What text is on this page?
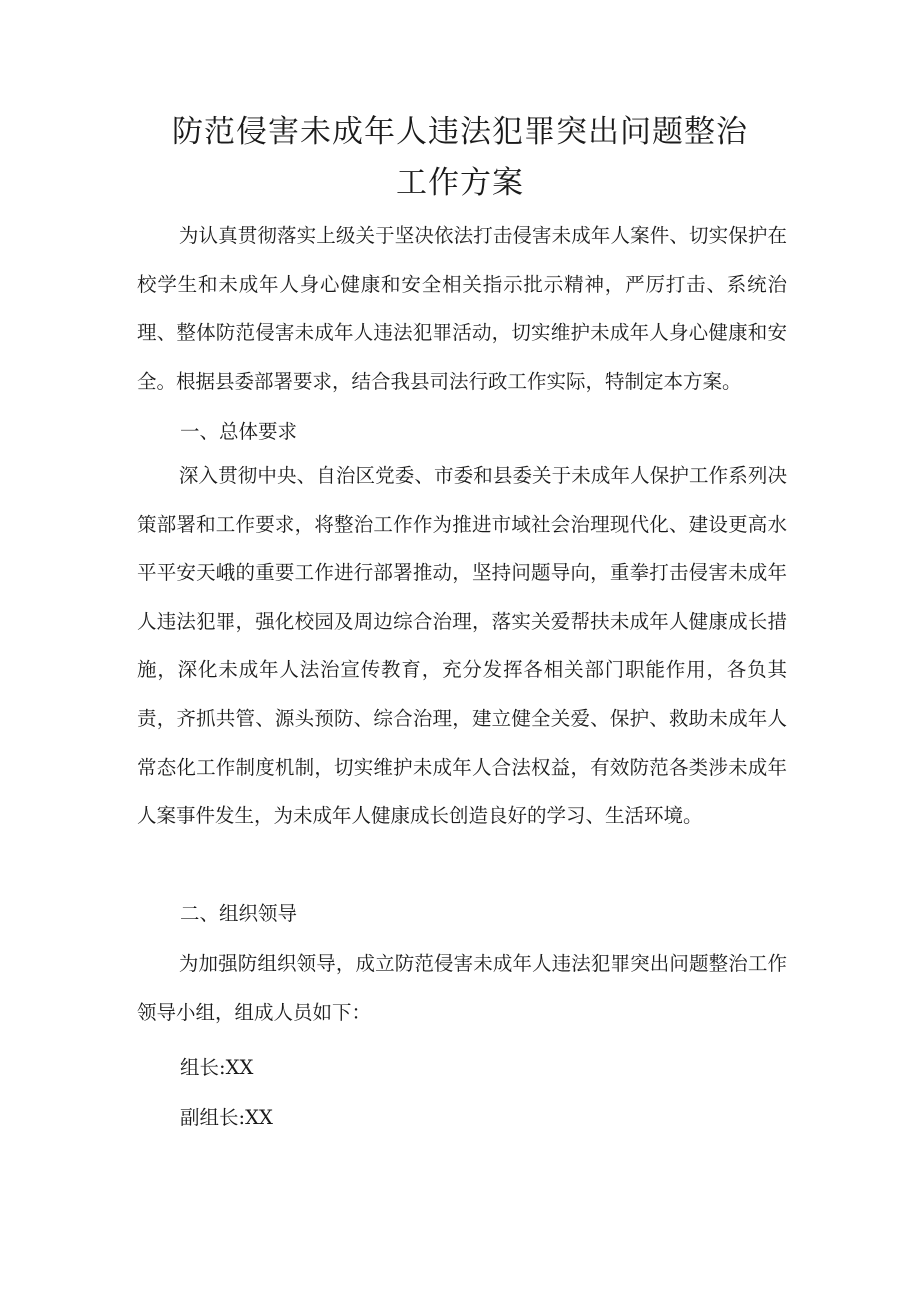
防范侵害未成年人违法犯罪突出问题整治
工作方案

为认真贯彻落实上级关于坚决依法打击侵害未成年人案件、切实保护在校学生和未成年人身心健康和安全相关指示批示精神，严厉打击、系统治理、整体防范侵害未成年人违法犯罪活动，切实维护未成年人身心健康和安全。根据县委部署要求，结合我县司法行政工作实际，特制定本方案。

一、总体要求

深入贯彻中央、自治区党委、市委和县委关于未成年人保护工作系列决策部署和工作要求，将整治工作作为推进市域社会治理现代化、建设更高水平平安天峨的重要工作进行部署推动，坚持问题导向，重拳打击侵害未成年人违法犯罪，强化校园及周边综合治理，落实关爱帮扶未成年人健康成长措施，深化未成年人法治宣传教育，充分发挥各相关部门职能作用，各负其责，齐抓共管、源头预防、综合治理，建立健全关爱、保护、救助未成年人常态化工作制度机制，切实维护未成年人合法权益，有效防范各类涉未成年人案事件发生，为未成年人健康成长创造良好的学习、生活环境。

二、组织领导

为加强防组织领导，成立防范侵害未成年人违法犯罪突出问题整治工作领导小组，组成人员如下：

组长:XX

副组长:XX
